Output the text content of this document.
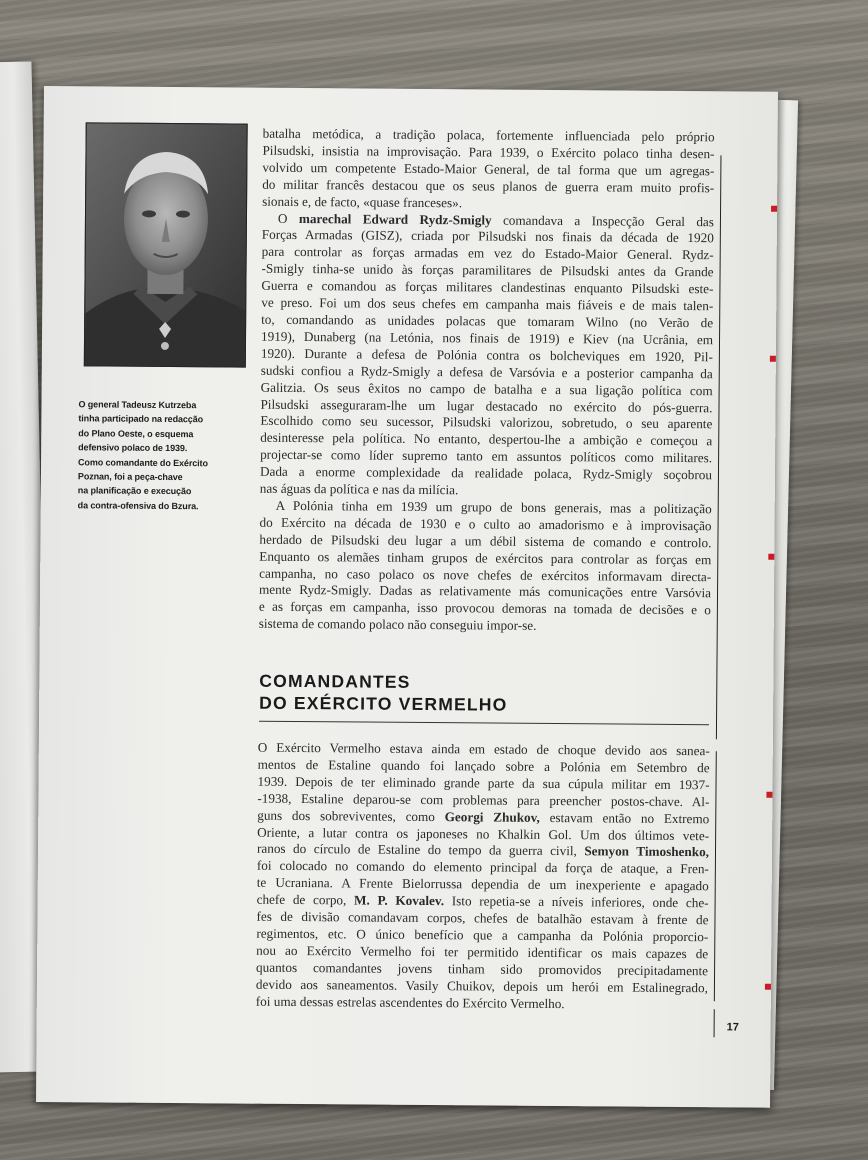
O general Tadeusz Kutrzeba
tinha participado na redacção
do Plano Oeste, o esquema
defensivo polaco de 1939.
Como comandante do Exército
Poznan, foi a peça-chave
na planificação e execução
da contra-ofensiva do Bzura.
batalha metódica, a tradição polaca, fortemente influenciada pelo próprio
Pilsudski, insistia na improvisação. Para 1939, o Exército polaco tinha desen-
volvido um competente Estado-Maior General, de tal forma que um agregas-
do militar francês destacou que os seus planos de guerra eram muito profis-
sionais e, de facto, «quase franceses».
O marechal Edward Rydz-Smigly comandava a Inspecção Geral das
Forças Armadas (GISZ), criada por Pilsudski nos finais da década de 1920
para controlar as forças armadas em vez do Estado-Maior General. Rydz-
-Smigly tinha-se unido às forças paramilitares de Pilsudski antes da Grande
Guerra e comandou as forças militares clandestinas enquanto Pilsudski este-
ve preso. Foi um dos seus chefes em campanha mais fiáveis e de mais talen-
to, comandando as unidades polacas que tomaram Wilno (no Verão de
1919), Dunaberg (na Letónia, nos finais de 1919) e Kiev (na Ucrânia, em
1920). Durante a defesa de Polónia contra os bolcheviques em 1920, Pil-
sudski confiou a Rydz-Smigly a defesa de Varsóvia e a posterior campanha da
Galitzia. Os seus êxitos no campo de batalha e a sua ligação política com
Pilsudski asseguraram-lhe um lugar destacado no exército do pós-guerra.
Escolhido como seu sucessor, Pilsudski valorizou, sobretudo, o seu aparente
desinteresse pela política. No entanto, despertou-lhe a ambição e começou a
projectar-se como líder supremo tanto em assuntos políticos como militares.
Dada a enorme complexidade da realidade polaca, Rydz-Smigly soçobrou
nas águas da política e nas da milícia.
A Polónia tinha em 1939 um grupo de bons generais, mas a politização
do Exército na década de 1930 e o culto ao amadorismo e à improvisação
herdado de Pilsudski deu lugar a um débil sistema de comando e controlo.
Enquanto os alemães tinham grupos de exércitos para controlar as forças em
campanha, no caso polaco os nove chefes de exércitos informavam directa-
mente Rydz-Smigly. Dadas as relativamente más comunicações entre Varsóvia
e as forças em campanha, isso provocou demoras na tomada de decisões e o
sistema de comando polaco não conseguiu impor-se.
COMANDANTES
DO EXÉRCITO VERMELHO
O Exército Vermelho estava ainda em estado de choque devido aos sanea-
mentos de Estaline quando foi lançado sobre a Polónia em Setembro de
1939. Depois de ter eliminado grande parte da sua cúpula militar em 1937-
-1938, Estaline deparou-se com problemas para preencher postos-chave. Al-
guns dos sobreviventes, como Georgi Zhukov, estavam então no Extremo
Oriente, a lutar contra os japoneses no Khalkin Gol. Um dos últimos vete-
ranos do círculo de Estaline do tempo da guerra civil, Semyon Timoshenko,
foi colocado no comando do elemento principal da força de ataque, a Fren-
te Ucraniana. A Frente Bielorrussa dependia de um inexperiente e apagado
chefe de corpo, M. P. Kovalev. Isto repetia-se a níveis inferiores, onde che-
fes de divisão comandavam corpos, chefes de batalhão estavam à frente de
regimentos, etc. O único benefício que a campanha da Polónia proporcio-
nou ao Exército Vermelho foi ter permitido identificar os mais capazes de
quantos comandantes jovens tinham sido promovidos precipitadamente
devido aos saneamentos. Vasily Chuikov, depois um herói em Estalinegrado,
foi uma dessas estrelas ascendentes do Exército Vermelho.
17
